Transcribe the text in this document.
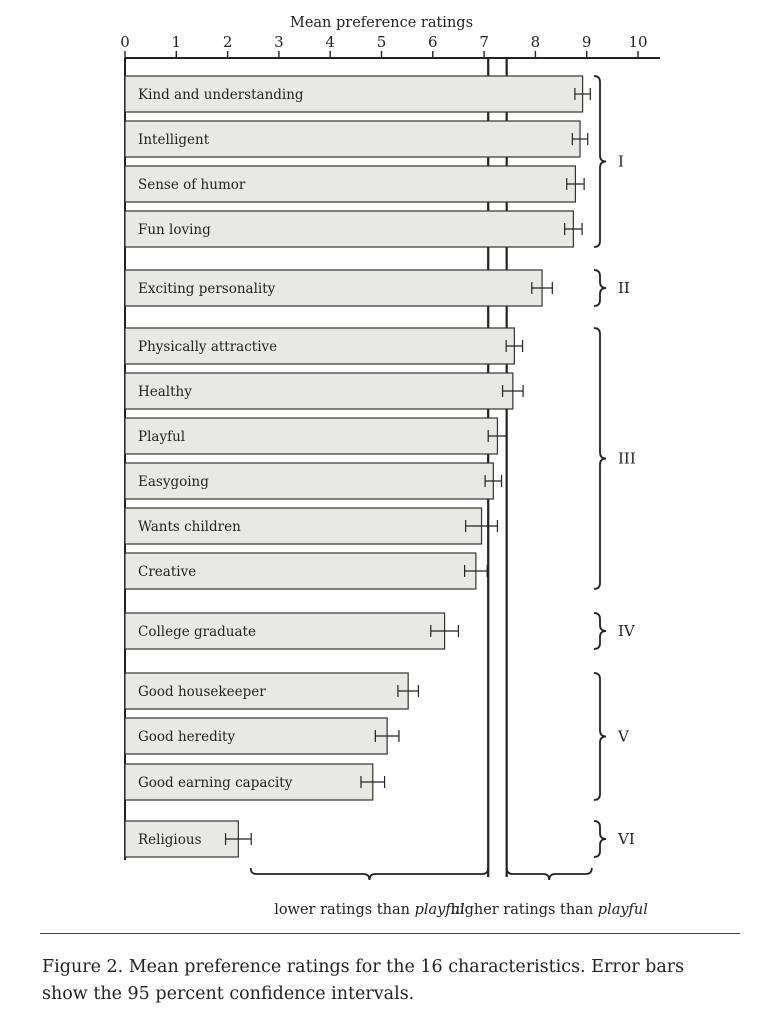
Mean preference ratings
0	1	2	3	4	5	6	7	8	9 10
Kind and understanding
Intelligent
Sense of humor
Fun loving
Exciting personality
Physically attractive
Healthy
Playful
Easygoing
Wants children
Creative
College graduate
Good housekeeper
Good heredity
Good earning capacity
Religious
I
II
III
IV
V
VI
lower ratings than playful
higher ratings than playful
Figure 2. Mean preference ratings for the 16 characteristics. Error bars show the 95 percent confidence intervals.
